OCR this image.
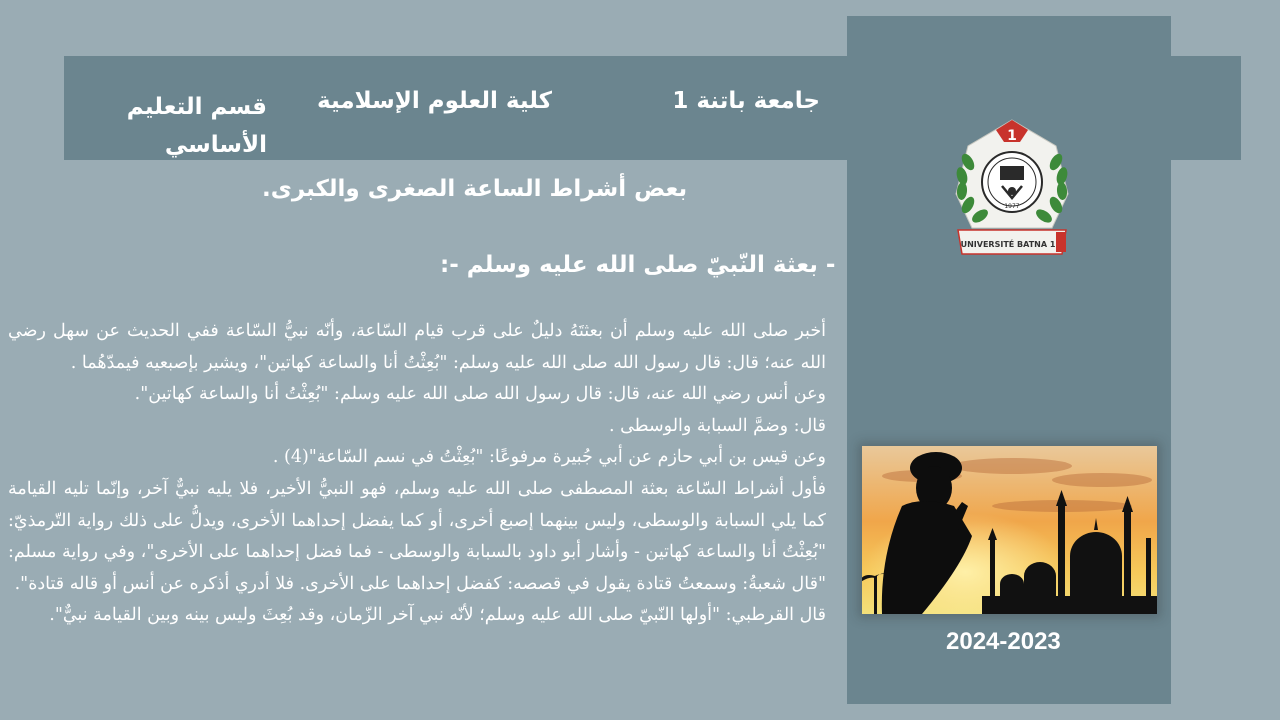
جامعة باتنة 1
كلية العلوم الإسلامية
قسم التعليم الأساسي	1
1977
UNIVERSITÉ BATNA 1
بعض أشراط الساعة الصغرى والكبرى.
- بعثة النّبيّ صلى الله عليه وسلم -:

أخبر صلى الله عليه وسلم أن بعثتَهُ دليلٌ على قرب قيام السّاعة، وأنّه نبيُّ السّاعة ففي الحديث عن سهل رضي الله عنه؛ قال: قال رسول الله صلى الله عليه وسلم: "بُعِثْتُ أنا والساعة كهاتين"، ويشير بإصبعيه فيمدّهُما .

وعن أنس رضي الله عنه، قال: قال رسول الله صلى الله عليه وسلم: "بُعِثْتُ أنا والساعة كهاتين".

قال: وضمَّ السبابة والوسطى .

وعن قيس بن أبي حازم عن أبي جُبيرة مرفوعًا: "بُعِثْتُ في نسم السّاعة"(4) .

فأول أشراط السّاعة بعثة المصطفى صلى الله عليه وسلم، فهو النبيُّ الأخير، فلا يليه نبيٌّ آخر، وإنّما تليه القيامة كما يلي السبابة والوسطى، وليس بينهما إصبع أخرى، أو كما يفضل إحداهما الأخرى، ويدلُّ على ذلك رواية التّرمذيّ: "بُعِثْتُ أنا والساعة كهاتين - وأشار أبو داود بالسبابة والوسطى - فما فضل إحداهما على الأخرى"، وفي رواية مسلم: "قال شعبةُ: وسمعتُ قتادة يقول في قصصه: كفضل إحداهما على الأخرى. فلا أدري أذكره عن أنس أو قاله قتادة".

قال القرطبي: "أولها النّبيّ صلى الله عليه وسلم؛ لأنّه نبي آخر الزّمان، وقد بُعِثَ وليس بينه وبين القيامة نبيٌّ".

2024-2023
